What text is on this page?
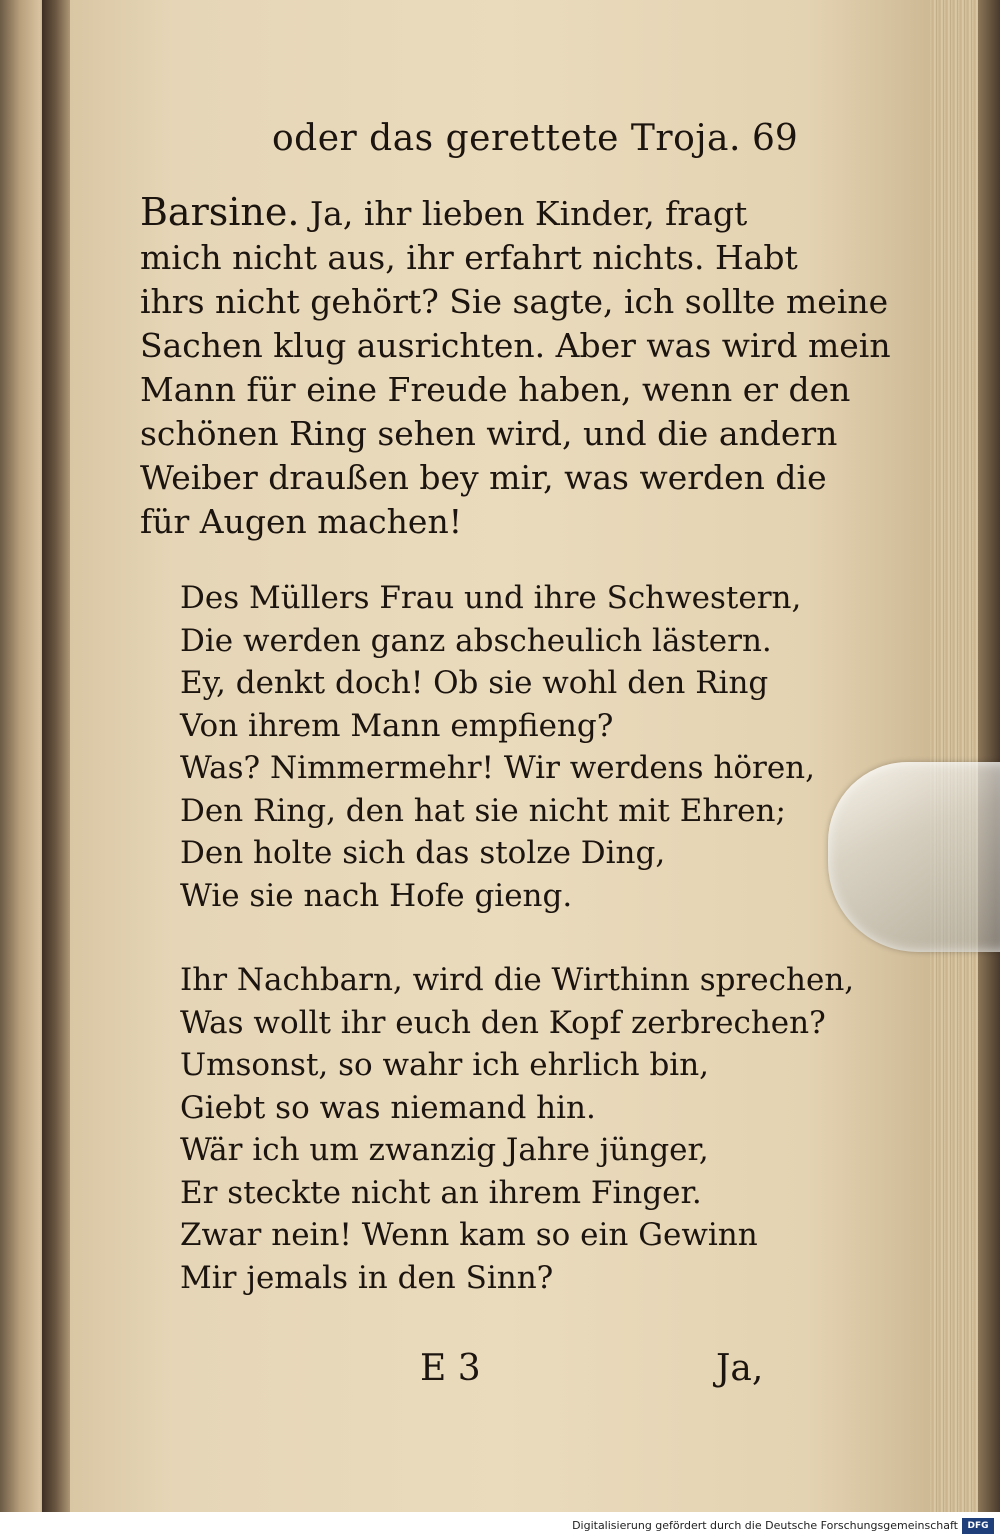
oder das gerettete Troja. 69
Barsine. Ja, ihr lieben Kinder, fragt
mich nicht aus, ihr erfahrt nichts. Habt
ihrs nicht gehört? Sie sagte, ich sollte meine
Sachen klug ausrichten. Aber was wird mein
Mann für eine Freude haben, wenn er den
schönen Ring sehen wird, und die andern
Weiber draußen bey mir, was werden die
für Augen machen!
Des Müllers Frau und ihre Schwestern,
Die werden ganz abscheulich lästern.
Ey, denkt doch! Ob sie wohl den Ring
Von ihrem Mann empfieng?
Was? Nimmermehr! Wir werdens hören,
Den Ring, den hat sie nicht mit Ehren;
Den holte sich das stolze Ding,
Wie sie nach Hofe gieng.
Ihr Nachbarn, wird die Wirthinn sprechen,
Was wollt ihr euch den Kopf zerbrechen?
Umsonst, so wahr ich ehrlich bin,
Giebt so was niemand hin.
Wär ich um zwanzig Jahre jünger,
Er steckte nicht an ihrem Finger.
Zwar nein! Wenn kam so ein Gewinn
Mir jemals in den Sinn?
E 3	Ja,
Digitalisierung gefördert durch die Deutsche Forschungsgemeinschaft	DFG
